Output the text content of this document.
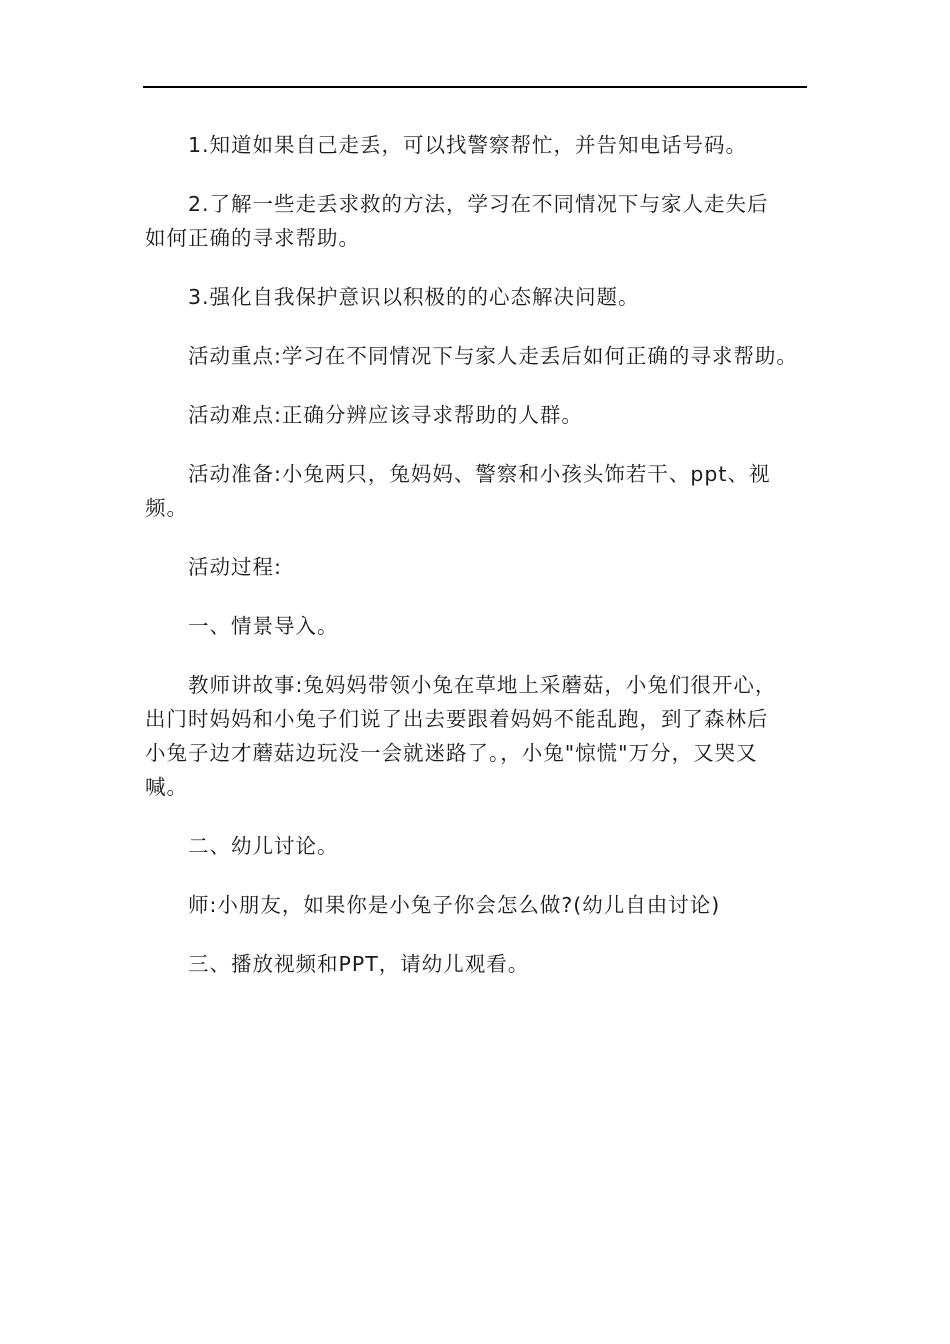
1.知道如果自己走丢，可以找警察帮忙，并告知电话号码。

2.了解一些走丢求救的方法，学习在不同情况下与家人走失后
如何正确的寻求帮助。

3.强化自我保护意识以积极的的心态解决问题。

活动重点:学习在不同情况下与家人走丢后如何正确的寻求帮助。

活动难点:正确分辨应该寻求帮助的人群。

活动准备:小兔两只，兔妈妈、警察和小孩头饰若干、ppt、视
频。

活动过程:

一、情景导入。

教师讲故事:兔妈妈带领小兔在草地上采蘑菇，小兔们很开心，
出门时妈妈和小兔子们说了出去要跟着妈妈不能乱跑，到了森林后
小兔子边才蘑菇边玩没一会就迷路了。，小兔"惊慌"万分，又哭又
喊。

二、幼儿讨论。

师:小朋友，如果你是小兔子你会怎么做?(幼儿自由讨论)

三、播放视频和PPT，请幼儿观看。
